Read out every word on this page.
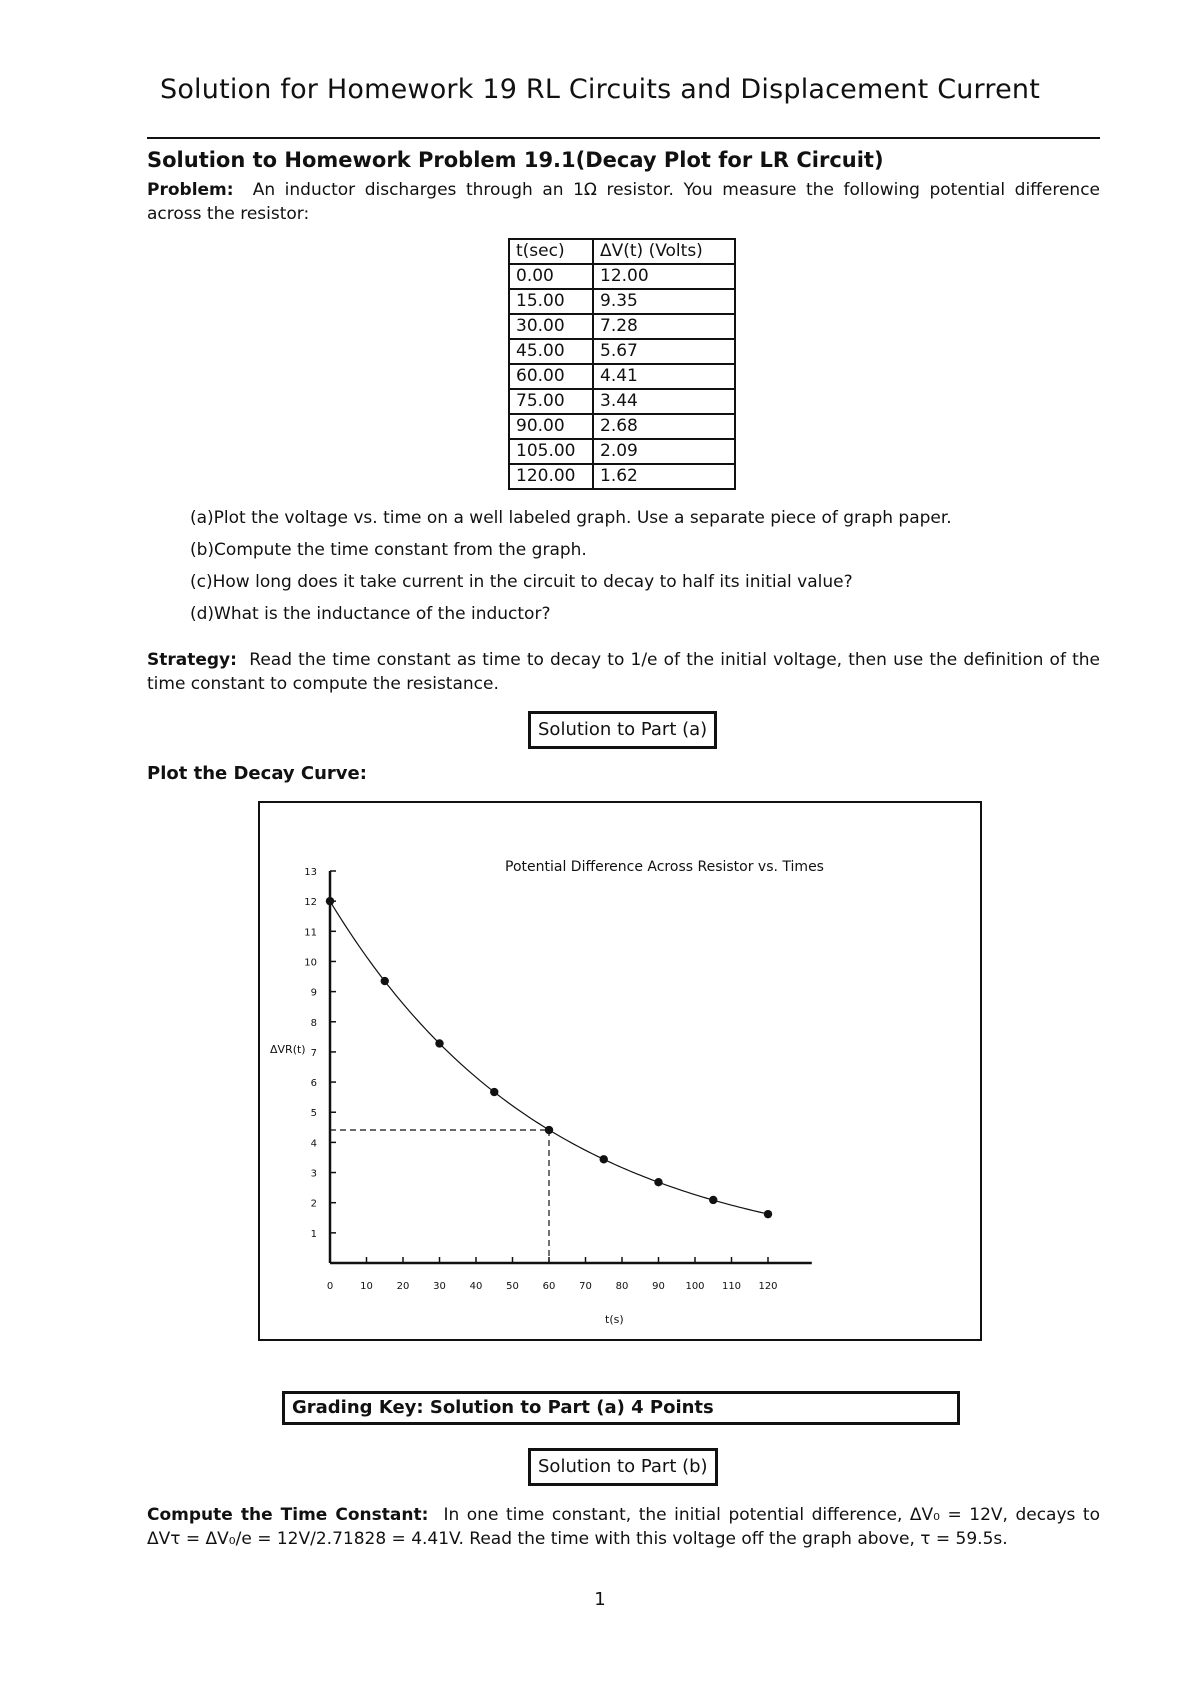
Solution for Homework 19 RL Circuits and Displacement Current
Solution to Homework Problem 19.1(Decay Plot for LR Circuit)
Problem: An inductor discharges through an 1Ω resistor. You measure the following potential difference across the resistor:
t(sec)	ΔV(t) (Volts)
0.00	12.00
15.00	9.35
30.00	7.28
45.00	5.67
60.00	4.41
75.00	3.44
90.00	2.68
105.00	2.09
120.00	1.62
(a)Plot the voltage vs. time on a well labeled graph. Use a separate piece of graph paper.
(b)Compute the time constant from the graph.
(c)How long does it take current in the circuit to decay to half its initial value?
(d)What is the inductance of the inductor?
Strategy: Read the time constant as time to decay to 1/e of the initial voltage, then use the definition of the time constant to compute the resistance.
Solution to Part (a)
Plot the Decay Curve:
Potential Difference Across Resistor vs. Times
ΔVR(t)
t(s)
1
2
3
4
5
6
7
8
9
10
11
12
13
0	10 20 30 40 50 60 70 80 90 100 110 120
Grading Key: Solution to Part (a) 4 Points
Solution to Part (b)
Compute the Time Constant: In one time constant, the initial potential difference, ΔV₀ = 12V, decays to ΔVτ = ΔV₀/e = 12V/2.71828 = 4.41V. Read the time with this voltage off the graph above, τ = 59.5s.
1
